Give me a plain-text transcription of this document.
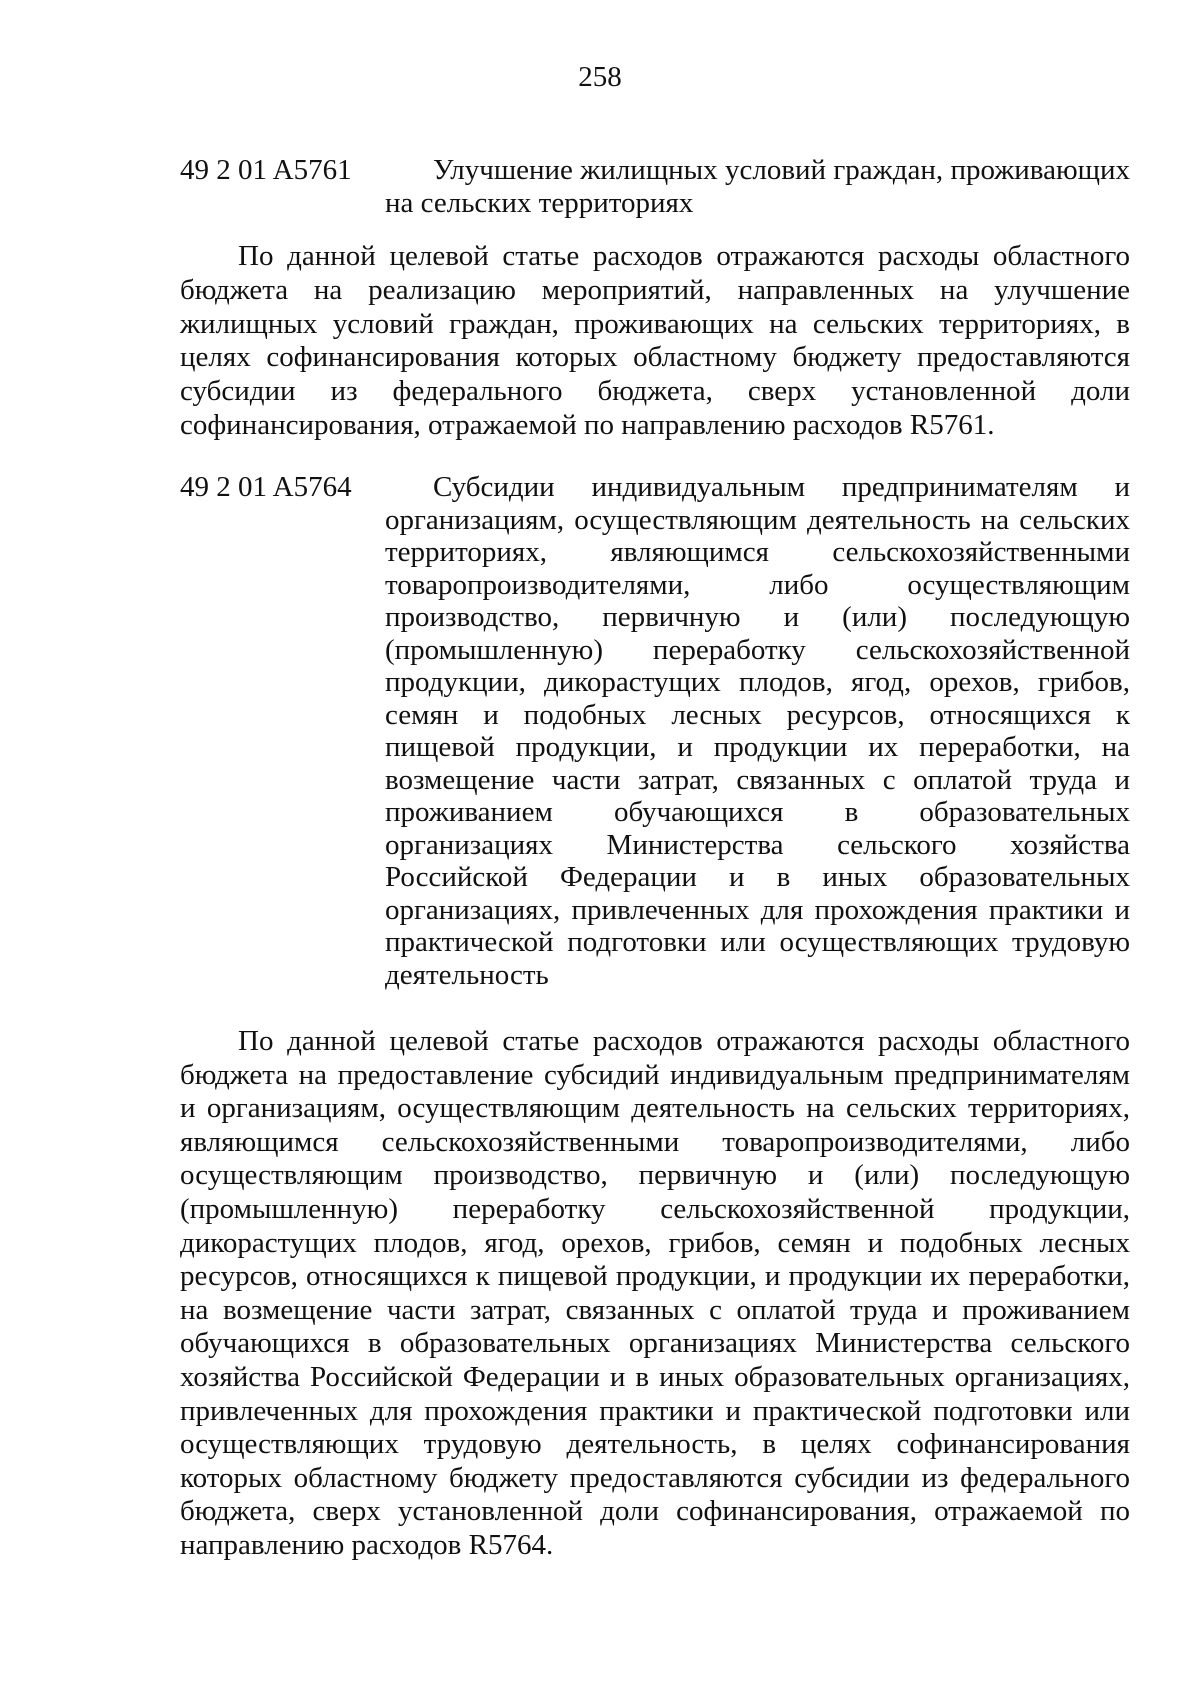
258
49 2 01 A5761	Улучшение жилищных условий граждан, проживающих на сельских территориях
По данной целевой статье расходов отражаются расходы областного бюджета на реализацию мероприятий, направленных на улучшение жилищных условий граждан, проживающих на сельских территориях, в целях софинансирования которых областному бюджету предоставляются субсидии из федерального бюджета, сверх установленной доли софинансирования, отражаемой по направлению расходов R5761.
49 2 01 A5764	Субсидии индивидуальным предпринимателям и организациям, осуществляющим деятельность на сельских территориях, являющимся сельскохозяйственными товаропроизводителями, либо осуществляющим производство, первичную и (или) последующую (промышленную) переработку сельскохозяйственной продукции, дикорастущих плодов, ягод, орехов, грибов, семян и подобных лесных ресурсов, относящихся к пищевой продукции, и продукции их переработки, на возмещение части затрат, связанных с оплатой труда и проживанием обучающихся в образовательных организациях Министерства сельского хозяйства Российской Федерации и в иных образовательных организациях, привлеченных для прохождения практики и практической подготовки или осуществляющих трудовую деятельность
По данной целевой статье расходов отражаются расходы областного бюджета на предоставление субсидий индивидуальным предпринимателям и организациям, осуществляющим деятельность на сельских территориях, являющимся сельскохозяйственными товаропроизводителями, либо осуществляющим производство, первичную и (или) последующую (промышленную) переработку сельскохозяйственной продукции, дикорастущих плодов, ягод, орехов, грибов, семян и подобных лесных ресурсов, относящихся к пищевой продукции, и продукции их переработки, на возмещение части затрат, связанных с оплатой труда и проживанием обучающихся в образовательных организациях Министерства сельского хозяйства Российской Федерации и в иных образовательных организациях, привлеченных для прохождения практики и практической подготовки или осуществляющих трудовую деятельность, в целях софинансирования которых областному бюджету предоставляются субсидии из федерального бюджета, сверх установленной доли софинансирования, отражаемой по направлению расходов R5764.
